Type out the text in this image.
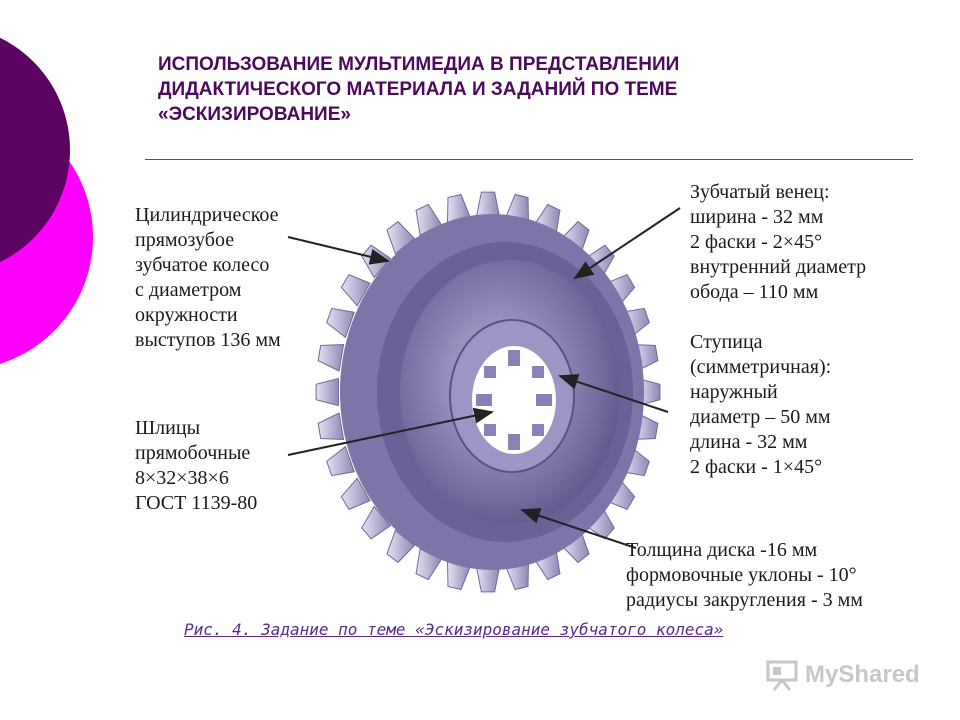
ИСПОЛЬЗОВАНИЕ МУЛЬТИМЕДИА В ПРЕДСТАВЛЕНИИ
ДИДАКТИЧЕСКОГО МАТЕРИАЛА И ЗАДАНИЙ ПО ТЕМЕ
«ЭСКИЗИРОВАНИЕ»
Цилиндрическое
прямозубое
зубчатое колесо
с диаметром
окружности
выступов 136 мм
Шлицы
прямобочные
8×32×38×6
ГОСТ 1139-80
Зубчатый венец:
ширина - 32 мм
2 фаски - 2×45°
внутренний диаметр
обода – 110 мм
Ступица
(симметричная):
наружный
диаметр – 50 мм
длина - 32 мм
2 фаски - 1×45°
Толщина диска -16 мм
формовочные уклоны - 10°
радиусы закругления - 3 мм
Рис. 4. Задание по теме «Эскизирование зубчатого колеса»
MyShared
